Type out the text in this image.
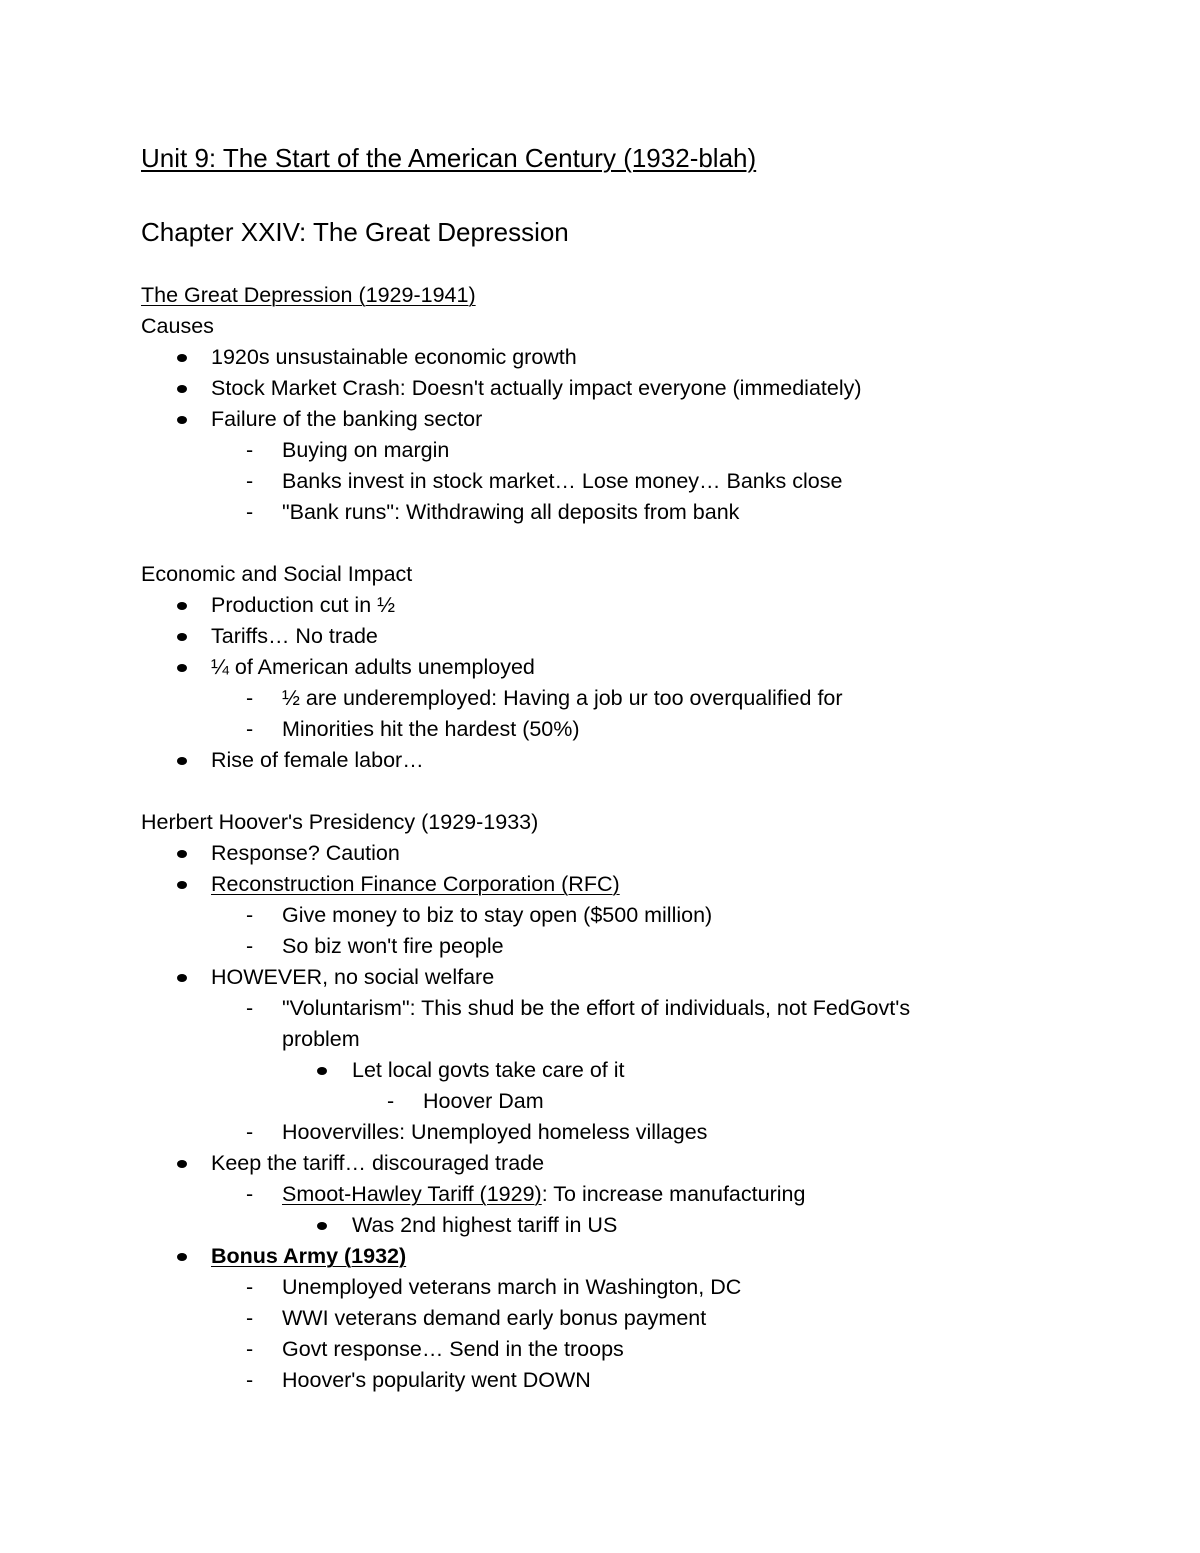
Unit 9: The Start of the American Century (1932-blah)
Chapter XXIV: The Great Depression
The Great Depression (1929-1941)
Causes
1920s unsustainable economic growth
Stock Market Crash: Doesn't actually impact everyone (immediately)
Failure of the banking sector
- Buying on margin
- Banks invest in stock market… Lose money… Banks close
- "Bank runs": Withdrawing all deposits from bank
Economic and Social Impact
Production cut in ½
Tariffs… No trade
¼ of American adults unemployed
- ½ are underemployed: Having a job ur too overqualified for
- Minorities hit the hardest (50%)
Rise of female labor…
Herbert Hoover's Presidency (1929-1933)
Response? Caution
Reconstruction Finance Corporation (RFC)
- Give money to biz to stay open ($500 million)
- So biz won't fire people
HOWEVER, no social welfare
- "Voluntarism": This shud be the effort of individuals, not FedGovt's problem
Let local govts take care of it
- Hoover Dam
- Hoovervilles: Unemployed homeless villages
Keep the tariff… discouraged trade
- Smoot-Hawley Tariff (1929): To increase manufacturing
Was 2nd highest tariff in US
Bonus Army (1932)
- Unemployed veterans march in Washington, DC
- WWI veterans demand early bonus payment
- Govt response… Send in the troops
- Hoover's popularity went DOWN
